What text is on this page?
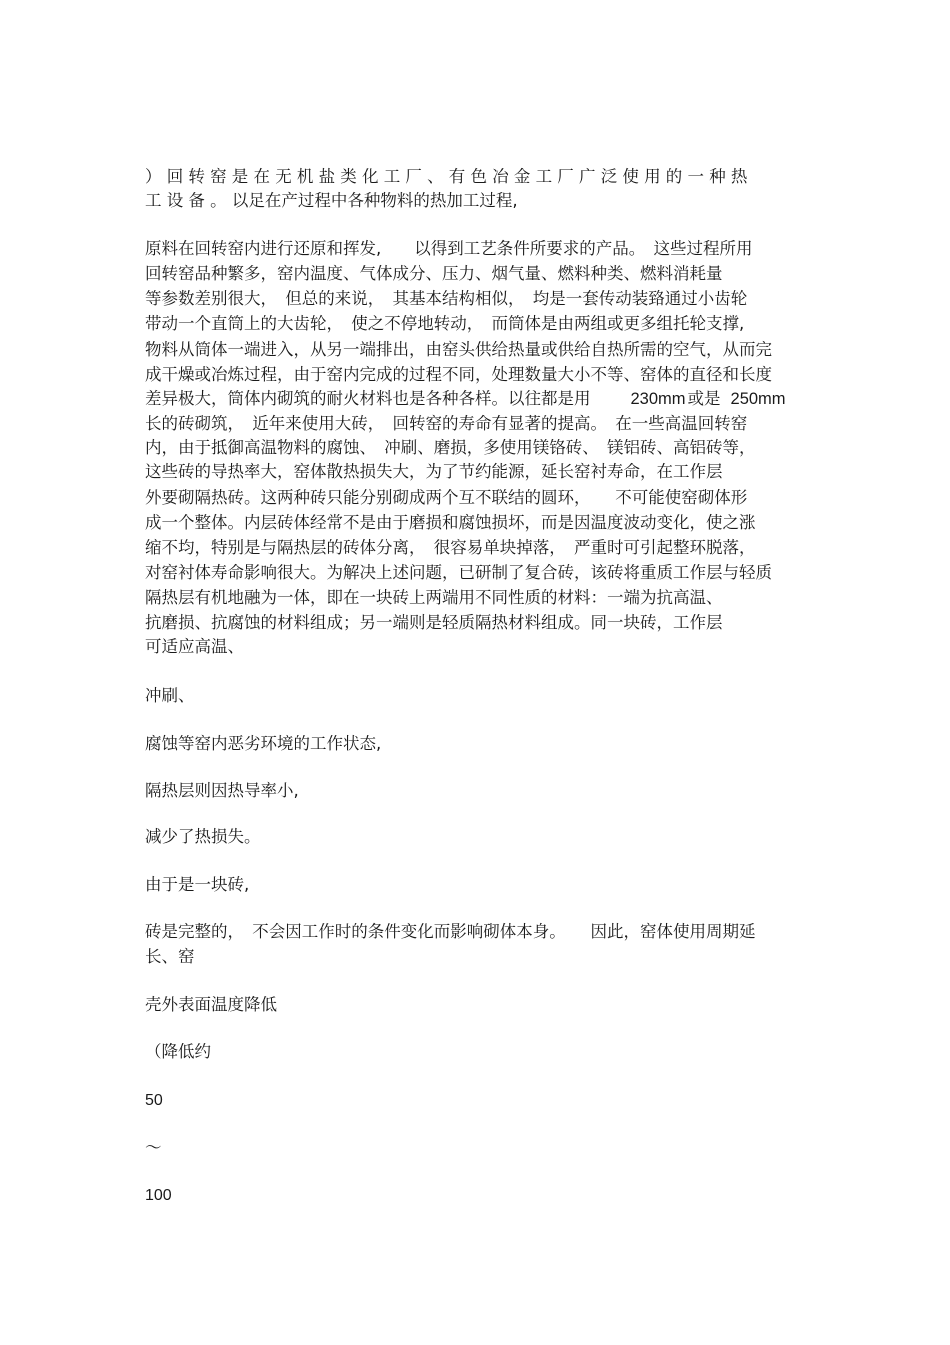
）回转窑是在无机盐类化工厂、有色冶金工厂广泛使用的一种热
工设备。以足在产过程中各种物料的热加工过程,
原料在回转窑内进行还原和挥发,　　以得到工艺条件所要求的产品。　这些过程所用
回转窑品种繁多，窑内温度、气体成分、压力、烟气量、燃料种类、燃料消耗量
等参数差别很大，　但总的来说，　其基本结构相似，　均是一套传动装臵通过小齿轮
带动一个直筒上的大齿轮，　使之不停地转动，　而筒体是由两组或更多组托轮支撑,
物料从筒体一端进入，从另一端排出，由窑头供给热量或供给自热所需的空气，从而完
成干燥或冶炼过程，由于窑内完成的过程不同，处理数量大小不等、窑体的直径和长度
差异极大，筒体内砌筑的耐火材料也是各种各样。以往都是用 230mm 或是 250mm
长的砖砌筑，　近年来使用大砖，　回转窑的寿命有显著的提高。　在一些高温回转窑
内，由于抵御高温物料的腐蚀、　冲刷、磨损，多使用镁铬砖、　镁铝砖、高铝砖等，
这些砖的导热率大，窑体散热损失大，为了节约能源，延长窑衬寿命，在工作层
外要砌隔热砖。这两种砖只能分别砌成两个互不联结的圆环，　　不可能使窑砌体形
成一个整体。内层砖体经常不是由于磨损和腐蚀损坏，而是因温度波动变化，使之涨
缩不均，特别是与隔热层的砖体分离，　很容易单块掉落，　严重时可引起整环脱落，
对窑衬体寿命影响很大。为解决上述问题，已研制了复合砖，该砖将重质工作层与轻质
隔热层有机地融为一体，即在一块砖上两端用不同性质的材料：一端为抗高温、
抗磨损、抗腐蚀的材料组成；另一端则是轻质隔热材料组成。同一块砖，工作层
可适应高温、
冲刷、
腐蚀等窑内恶劣环境的工作状态,
隔热层则因热导率小,
减少了热损失。
由于是一块砖,
砖是完整的，　不会因工作时的条件变化而影响砌体本身。　　因此，窑体使用周期延
长、窑
壳外表面温度降低
（降低约
50
～
100
